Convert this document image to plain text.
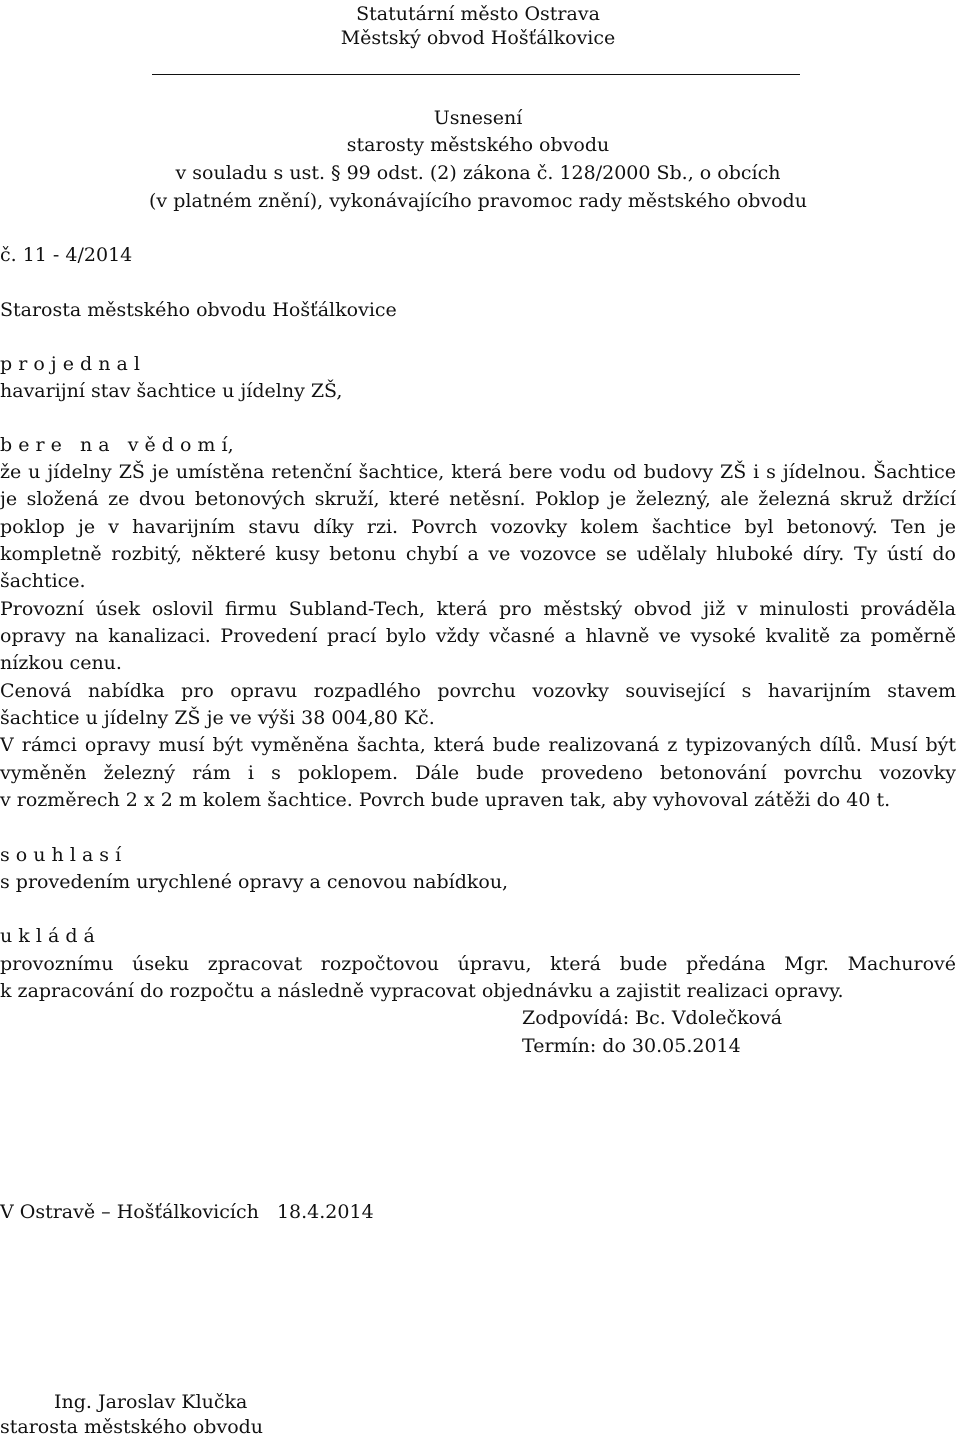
Statutární město Ostrava
Městský obvod Hošťálkovice
Usnesení
starosty městského obvodu
v souladu s ust. § 99 odst. (2) zákona č. 128/2000 Sb., o obcích
(v platném znění), vykonávajícího pravomoc rady městského obvodu
č. 11 - 4/2014
Starosta městského obvodu Hošťálkovice
p r o j e d n a l
havarijní stav šachtice u jídelny ZŠ,
b e r e   n a   v ě d o m í,
že u jídelny ZŠ je umístěna retenční šachtice, která bere vodu od budovy ZŠ i s jídelnou. Šachtice
je složená ze dvou betonových skruží, které netěsní. Poklop je železný, ale železná skruž držící
poklop je v havarijním stavu díky rzi. Povrch vozovky kolem šachtice byl betonový. Ten je
kompletně rozbitý, některé kusy betonu chybí a ve vozovce se udělaly hluboké díry. Ty ústí do
šachtice.
Provozní úsek oslovil firmu Subland-Tech, která pro městský obvod již v minulosti prováděla
opravy na kanalizaci. Provedení prací bylo vždy včasné a hlavně ve vysoké kvalitě za poměrně
nízkou cenu.
Cenová nabídka pro opravu rozpadlého povrchu vozovky související s havarijním stavem
šachtice u jídelny ZŠ je ve výši 38 004,80 Kč.
V rámci opravy musí být vyměněna šachta, která bude realizovaná z typizovaných dílů. Musí být
vyměněn železný rám i s poklopem. Dále bude provedeno betonování povrchu vozovky
v rozměrech 2 x 2 m kolem šachtice. Povrch bude upraven tak, aby vyhovoval zátěži do 40 t.
s o u h l a s í
s provedením urychlené opravy a cenovou nabídkou,
u k l á d á
provoznímu úseku zpracovat rozpočtovou úpravu, která bude předána Mgr. Machurové
k zapracování do rozpočtu a následně vypracovat objednávku a zajistit realizaci opravy.
Zodpovídá: Bc. Vdolečková
Termín: do 30.05.2014
V Ostravě – Hošťálkovicích   18.4.2014
Ing. Jaroslav Klučka
starosta městského obvodu
